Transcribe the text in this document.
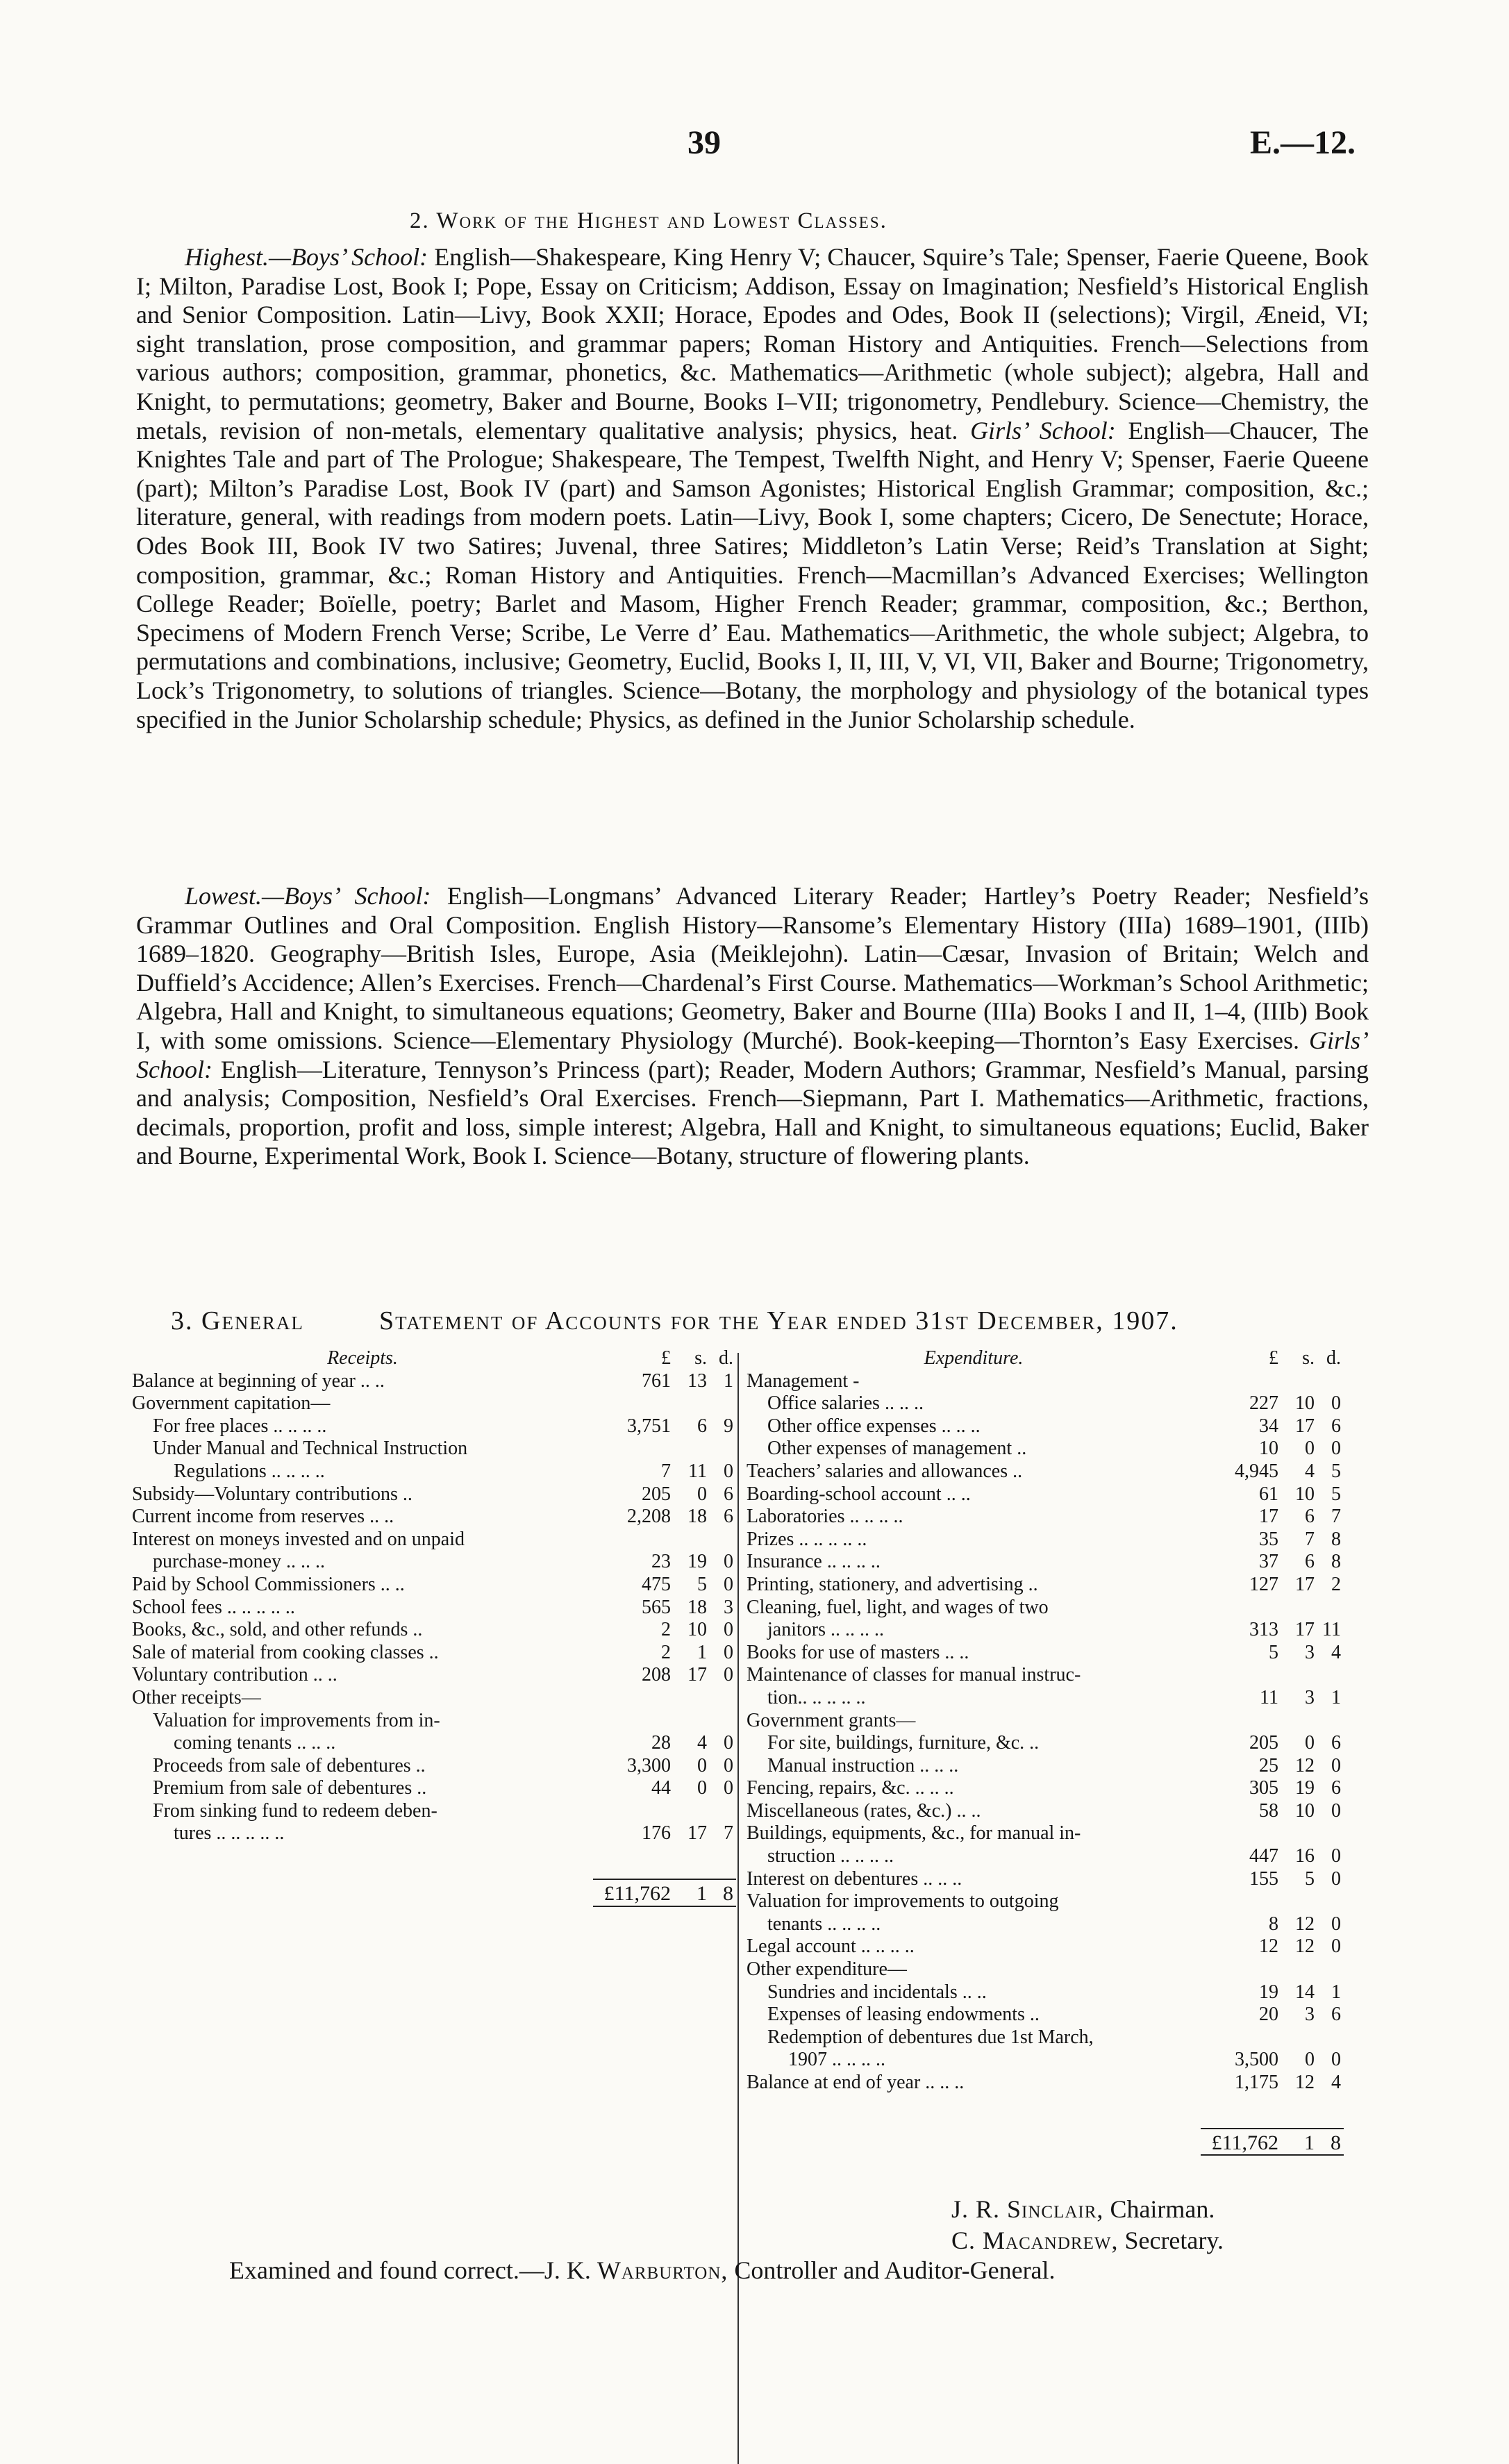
39	E.—12.
2. Work of the Highest and Lowest Classes.

Highest.—Boys’ School: English—Shakespeare, King Henry V; Chaucer, Squire’s Tale; Spenser, Faerie Queene, Book I; Milton, Paradise Lost, Book I; Pope, Essay on Criticism; Addison, Essay on Imagination; Nesfield’s Historical English and Senior Composition. Latin—Livy, Book XXII; Horace, Epodes and Odes, Book II (selections); Virgil, Æneid, VI; sight translation, prose composition, and grammar papers; Roman History and Antiquities. French—Selections from various authors; composition, grammar, phonetics, &c. Mathematics—Arithmetic (whole subject); algebra, Hall and Knight, to permutations; geometry, Baker and Bourne, Books I–VII; trigonometry, Pendlebury. Science—Chemistry, the metals, revision of non-metals, elementary qualitative analysis; physics, heat. Girls’ School: English—Chaucer, The Knightes Tale and part of The Prologue; Shakespeare, The Tempest, Twelfth Night, and Henry V; Spenser, Faerie Queene (part); Milton’s Paradise Lost, Book IV (part) and Samson Agonistes; Historical English Grammar; composition, &c.; literature, general, with readings from modern poets. Latin—Livy, Book I, some chapters; Cicero, De Senectute; Horace, Odes Book III, Book IV two Satires; Juvenal, three Satires; Middleton’s Latin Verse; Reid’s Translation at Sight; composition, grammar, &c.; Roman History and Antiquities. French—Macmillan’s Advanced Exercises; Wellington College Reader; Boïelle, poetry; Barlet and Masom, Higher French Reader; grammar, composition, &c.; Berthon, Specimens of Modern French Verse; Scribe, Le Verre d’ Eau. Mathematics—Arithmetic, the whole subject; Algebra, to permutations and combinations, inclusive; Geometry, Euclid, Books I, II, III, V, VI, VII, Baker and Bourne; Trigonometry, Lock’s Trigonometry, to solutions of triangles. Science—Botany, the morphology and physiology of the botanical types specified in the Junior Scholarship schedule; Physics, as defined in the Junior Scholarship schedule.

Lowest.—Boys’ School: English—Longmans’ Advanced Literary Reader; Hartley’s Poetry Reader; Nesfield’s Grammar Outlines and Oral Composition. English History—Ransome’s Elementary History (IIIa) 1689–1901, (IIIb) 1689–1820. Geography—British Isles, Europe, Asia (Meiklejohn). Latin—Cæsar, Invasion of Britain; Welch and Duffield’s Accidence; Allen’s Exercises. French—Chardenal’s First Course. Mathematics—Workman’s School Arithmetic; Algebra, Hall and Knight, to simultaneous equations; Geometry, Baker and Bourne (IIIa) Books I and II, 1–4, (IIIb) Book I, with some omissions. Science—Elementary Physiology (Murché). Book-keeping—Thornton’s Easy Exercises. Girls’ School: English—Literature, Tennyson’s Princess (part); Reader, Modern Authors; Grammar, Nesfield’s Manual, parsing and analysis; Composition, Nesfield’s Oral Exercises. French—Siepmann, Part I. Mathematics—Arithmetic, fractions, decimals, proportion, profit and loss, simple interest; Algebra, Hall and Knight, to simultaneous equations; Euclid, Baker and Bourne, Experimental Work, Book I. Science—Botany, structure of flowering plants.

3. General	Statement of Accounts for the Year ended 31st December, 1907.
Receipts.	£	s. d.
Balance at beginning of year .. ..	761 13 1
Government capitation—
For free places .. .. .. ..	3,751	6 9
Under Manual and Technical Instruction
Regulations .. .. .. ..	7 11 0
Subsidy—Voluntary contributions ..	205	0 6
Current income from reserves .. ..	2,208 18 6
Interest on moneys invested and on unpaid
purchase-money .. .. ..	23 19 0
Paid by School Commissioners .. ..	475	5 0
School fees .. .. .. .. ..	565 18 3
Books, &c., sold, and other refunds ..	2 10 0
Sale of material from cooking classes ..	2	1 0
Voluntary contribution .. ..	208 17 0
Other receipts—
Valuation for improvements from in-
coming tenants .. .. ..	28	4 0
Proceeds from sale of debentures ..	3,300	0 0
Premium from sale of debentures ..	44	0 0
From sinking fund to redeem deben-
tures .. .. .. .. ..	176 17 7
£11,762	1 8
Expenditure.	£	s. d.
Management -
Office salaries .. .. ..	227 10 0
Other office expenses .. .. ..	34 17 6
Other expenses of management ..	10	0 0
Teachers’ salaries and allowances ..	4,945	4 5
Boarding-school account .. ..	61 10 5
Laboratories .. .. .. ..	17	6 7
Prizes .. .. .. .. ..	35	7 8
Insurance .. .. .. ..	37	6 8
Printing, stationery, and advertising ..	127 17 2
Cleaning, fuel, light, and wages of two
janitors .. .. .. ..	313 17 11
Books for use of masters .. ..	5	3 4
Maintenance of classes for manual instruc-
tion.. .. .. .. ..	11	3 1
Government grants—
For site, buildings, furniture, &c. ..	205	0 6
Manual instruction .. .. ..	25 12 0
Fencing, repairs, &c. .. .. ..	305 19 6
Miscellaneous (rates, &c.) .. ..	58 10 0
Buildings, equipments, &c., for manual in-
struction .. .. .. ..	447 16 0
Interest on debentures .. .. ..	155	5 0
Valuation for improvements to outgoing
tenants .. .. .. ..	8 12 0
Legal account .. .. .. ..	12 12 0
Other expenditure—
Sundries and incidentals .. ..	19 14 1
Expenses of leasing endowments ..	20	3 6
Redemption of debentures due 1st March,
1907 .. .. .. ..	3,500	0 0
Balance at end of year .. .. ..	1,175 12 4
£11,762	1 8
J. R. Sinclair, Chairman.
C. Macandrew, Secretary.
Examined and found correct.—J. K. Warburton, Controller and Auditor-General.
